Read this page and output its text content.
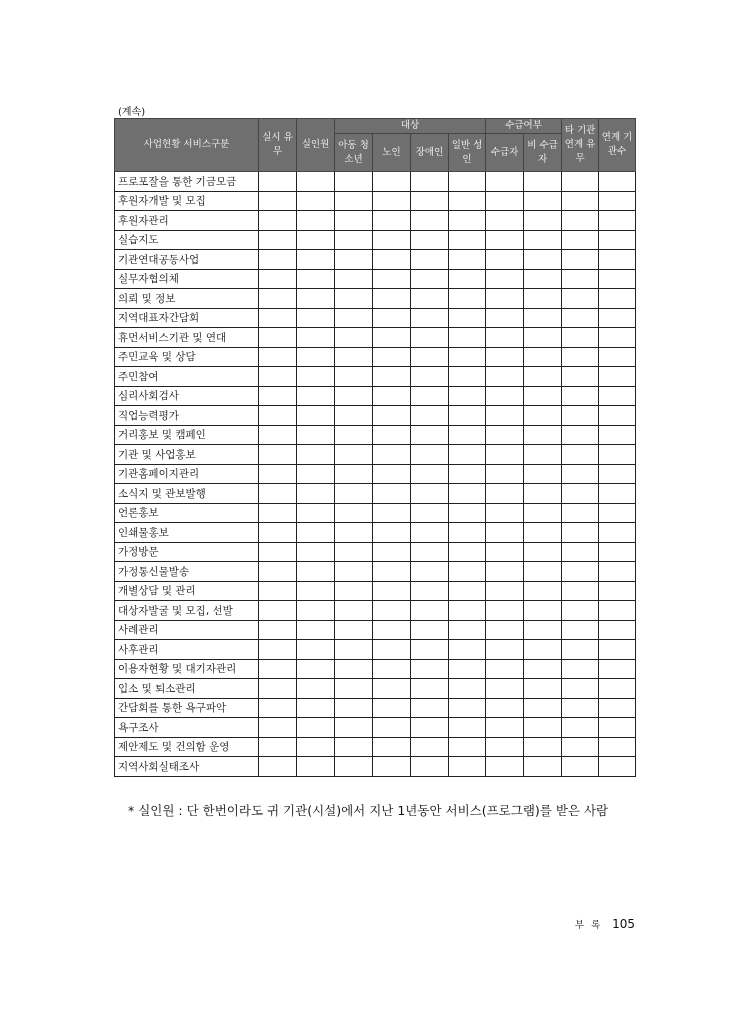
(계속)
사업현황 서비스구분	실시 유무	실인원	대상				수급여부		타 기관 연계 유무	연계 기관수
			아동 청소년	노인	장애인	일반 성인	수급자	비 수급자		
프로포잘을 통한 기금모금										
후원자개발 및 모집										
후원자관리										
실습지도										
기관연대공동사업										
실무자협의체										
의뢰 및 정보										
지역대표자간담회										
휴먼서비스기관 및 연대										
주민교육 및 상담										
주민참여										
심리사회검사										
직업능력평가										
거리홍보 및 캠페인										
기관 및 사업홍보										
기관홈페이지관리										
소식지 및 관보발행										
언론홍보										
인쇄물홍보										
가정방문										
가정통신물발송										
개별상담 및 관리										
대상자발굴 및 모집, 선발										
사례관리										
사후관리										
이용자현황 및 대기자관리										
입소 및 퇴소관리										
간담회를 통한 욕구파악										
욕구조사										
제안제도 및 건의함 운영										
지역사회실태조사										
* 실인원 : 단 한번이라도 귀 기관(시설)에서 지난 1년동안 서비스(프로그램)를 받은 사람
부 록 105
